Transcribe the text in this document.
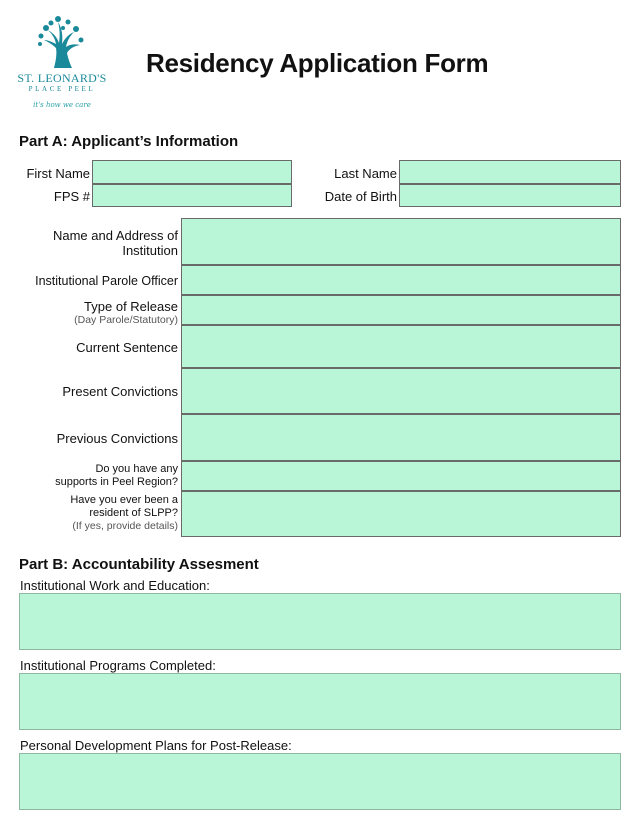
ST. LEONARD'S
PLACE PEEL
it's how we care
Residency Application Form
Part A: Applicant’s Information
First Name	Last Name
FPS #	Date of Birth
Name and Address of
Institution
Institutional Parole Officer
Type of Release
(Day Parole/Statutory)
Current Sentence
Present Convictions
Previous Convictions
Do you have any
supports in Peel Region?
Have you ever been a
resident of SLPP?
(If yes, provide details)
Part B: Accountability Assesment
Institutional Work and Education:
Institutional Programs Completed:
Personal Development Plans for Post-Release:
